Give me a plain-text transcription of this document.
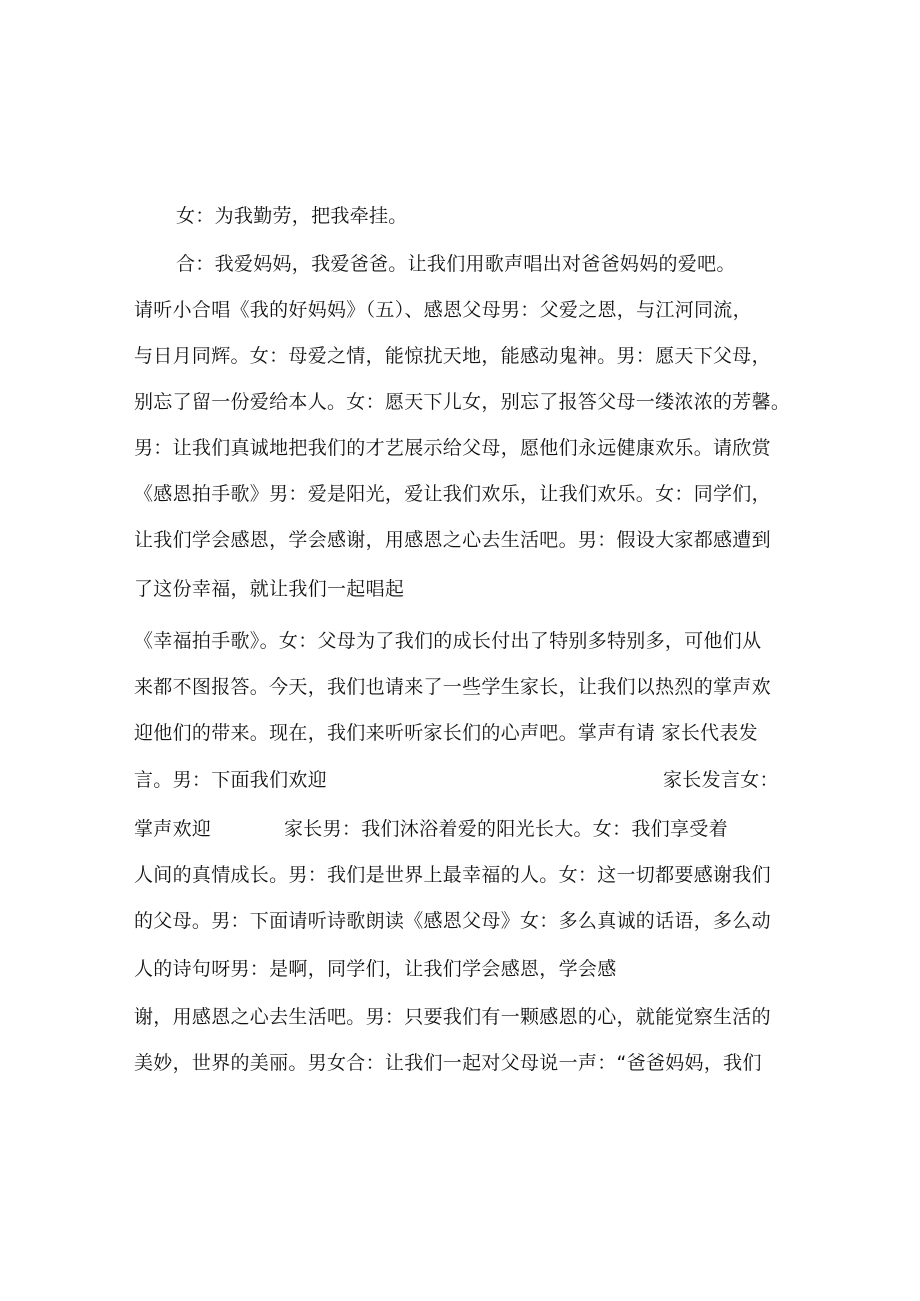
女：为我勤劳，把我牵挂。
合：我爱妈妈，我爱爸爸。让我们用歌声唱出对爸爸妈妈的爱吧。
请听小合唱《我的好妈妈》（五）、感恩父母男：父爱之恩，与江河同流，
与日月同辉。女：母爱之情，能惊扰天地，能感动鬼神。男：愿天下父母，
别忘了留一份爱给本人。女：愿天下儿女，别忘了报答父母一缕浓浓的芳馨。
男：让我们真诚地把我们的才艺展示给父母，愿他们永远健康欢乐。请欣赏
《感恩拍手歌》男：爱是阳光，爱让我们欢乐，让我们欢乐。女：同学们，
让我们学会感恩，学会感谢，用感恩之心去生活吧。男：假设大家都感遭到
了这份幸福，就让我们一起唱起
《幸福拍手歌》。女：父母为了我们的成长付出了特别多特别多，可他们从
来都不图报答。今天，我们也请来了一些学生家长，让我们以热烈的掌声欢
迎他们的带来。现在，我们来听听家长们的心声吧。掌声有请 家长代表发
言。男：下面我们欢迎	家长发言女：
掌声欢迎	家长男：我们沐浴着爱的阳光长大。女：我们享受着
人间的真情成长。男：我们是世界上最幸福的人。女：这一切都要感谢我们
的父母。男：下面请听诗歌朗读《感恩父母》女：多么真诚的话语，多么动
人的诗句呀男：是啊，同学们，让我们学会感恩，学会感
谢，用感恩之心去生活吧。男：只要我们有一颗感恩的心，就能觉察生活的
美妙，世界的美丽。男女合：让我们一起对父母说一声：“爸爸妈妈，我们
